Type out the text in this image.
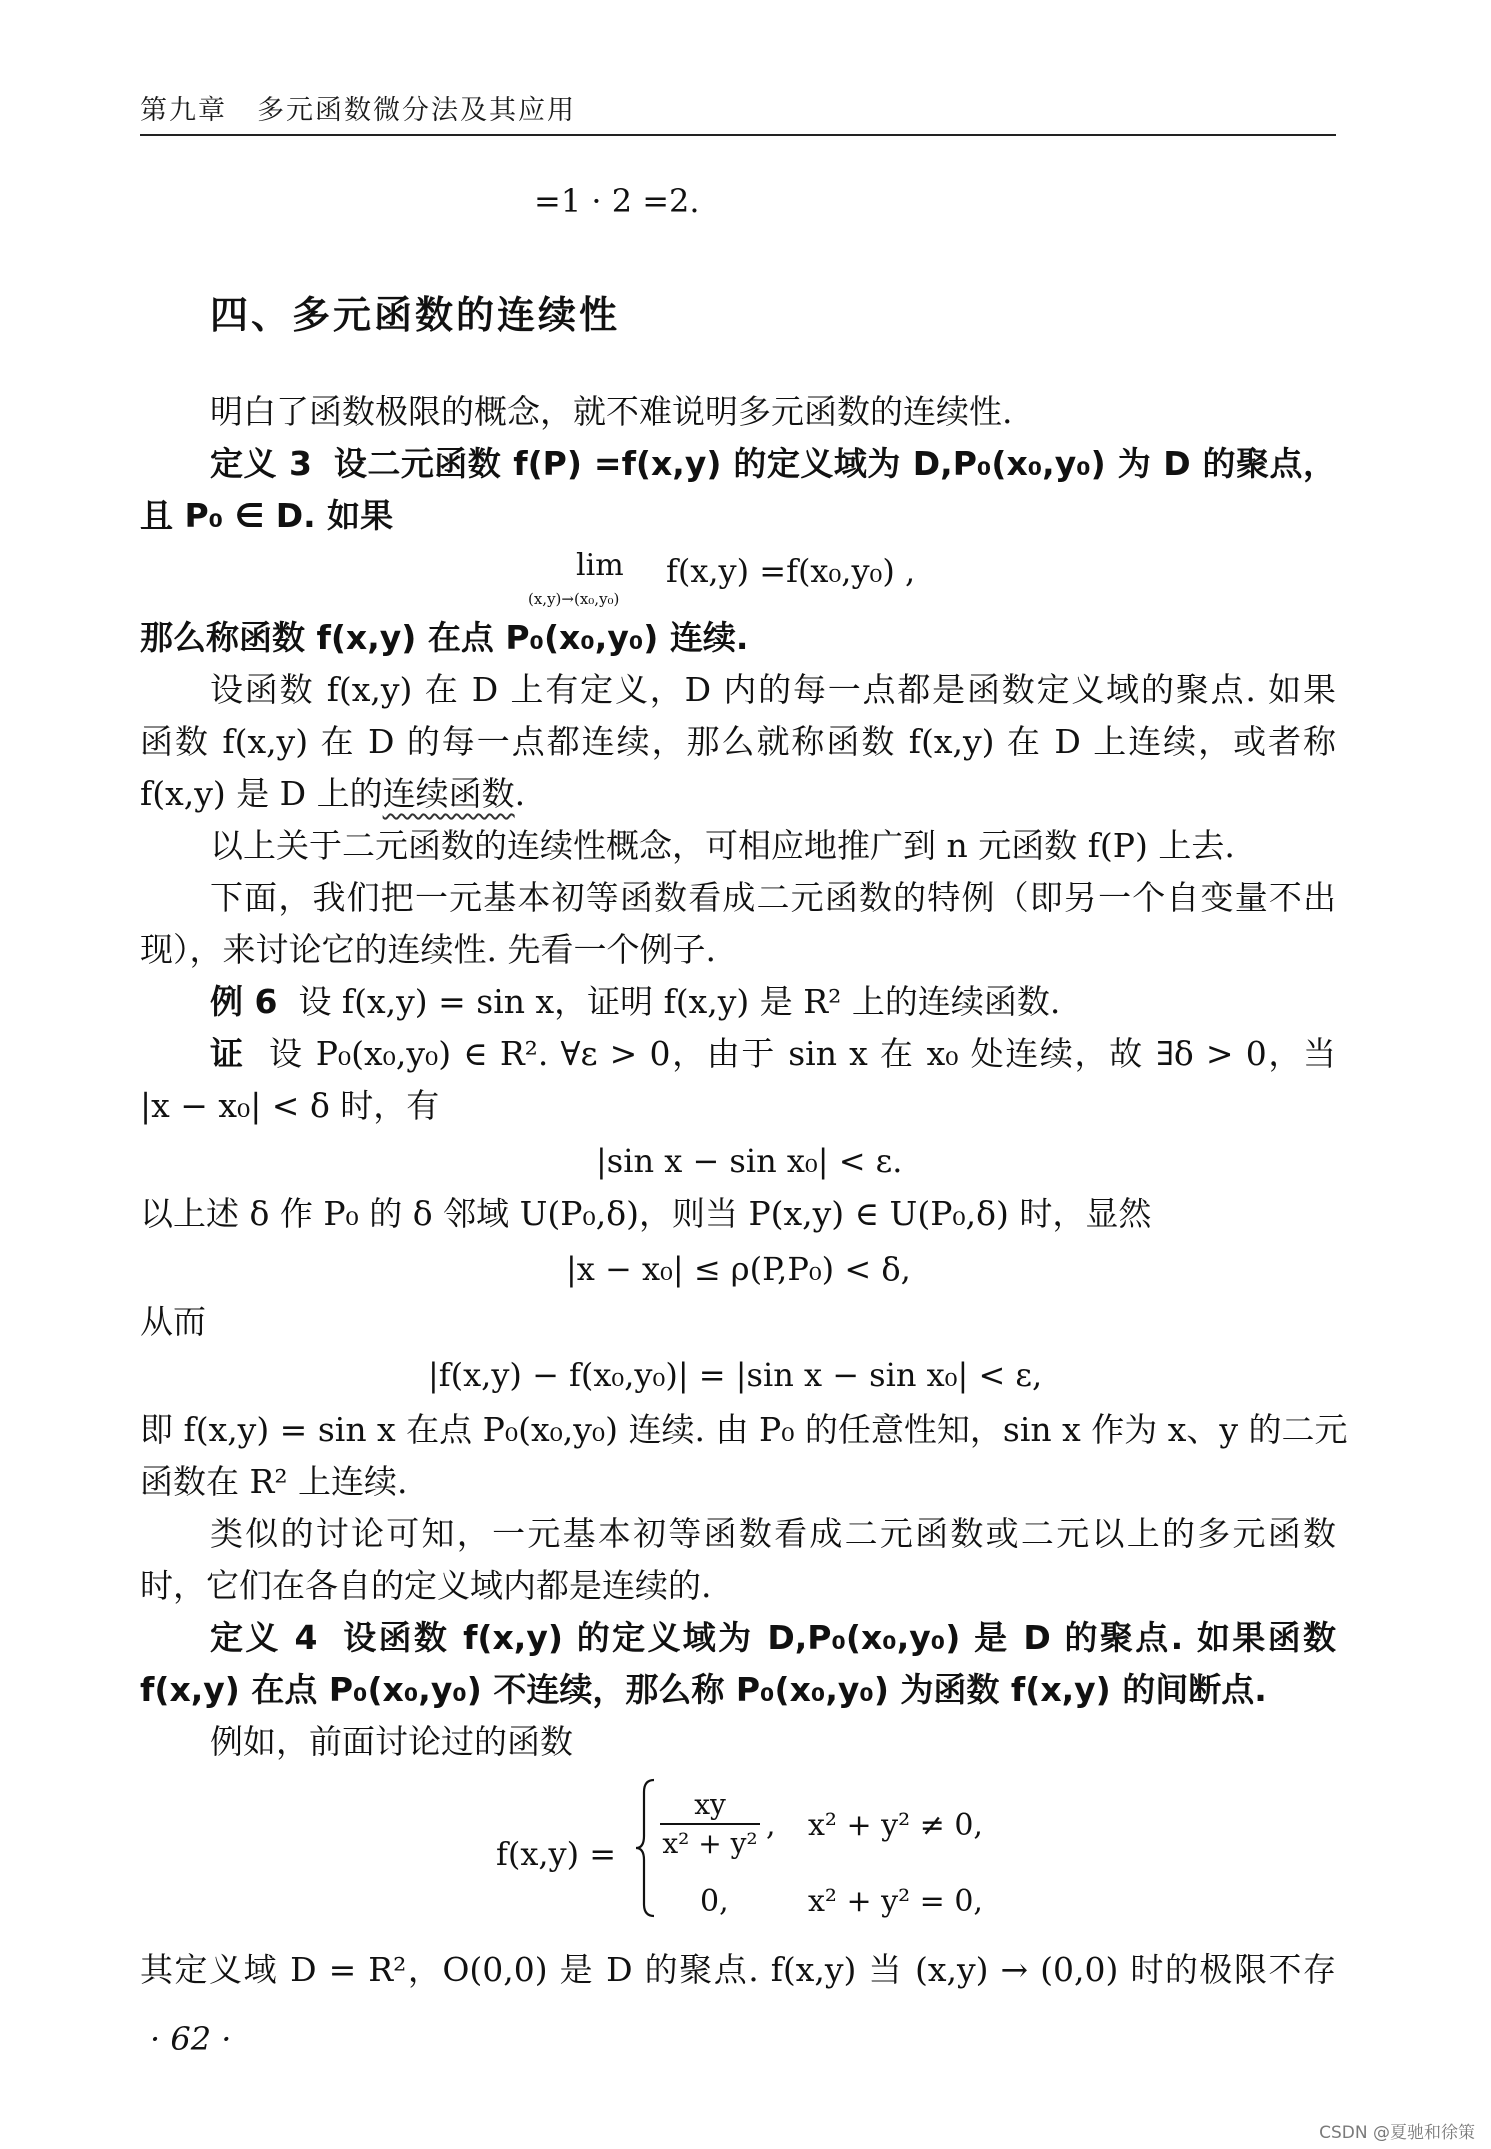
第九章 多元函数微分法及其应用
=1 · 2 =2.
四、多元函数的连续性
明白了函数极限的概念，就不难说明多元函数的连续性.
定义 3 设二元函数 f(P) =f(x,y) 的定义域为 D,P₀(x₀,y₀) 为 D 的聚点，
且 P₀ ∈ D. 如果
lim
(x,y)→(x₀,y₀)
f(x,y) =f(x₀,y₀) ,
那么称函数 f(x,y) 在点 P₀(x₀,y₀) 连续.
设函数 f(x,y) 在 D 上有定义，D 内的每一点都是函数定义域的聚点. 如果
函数 f(x,y) 在 D 的每一点都连续，那么就称函数 f(x,y) 在 D 上连续，或者称
f(x,y) 是 D 上的连续函数.
以上关于二元函数的连续性概念，可相应地推广到 n 元函数 f(P) 上去.
下面，我们把一元基本初等函数看成二元函数的特例（即另一个自变量不出
现），来讨论它的连续性. 先看一个例子.
例 6 设 f(x,y) = sin x，证明 f(x,y) 是 R² 上的连续函数.
证 设 P₀(x₀,y₀) ∈ R². ∀ε > 0，由于 sin x 在 x₀ 处连续，故 ∃δ > 0，当
|x − x₀| < δ 时，有
|sin x − sin x₀| < ε.
以上述 δ 作 P₀ 的 δ 邻域 U(P₀,δ)，则当 P(x,y) ∈ U(P₀,δ) 时，显然
|x − x₀| ≤ ρ(P,P₀) < δ,
从而
|f(x,y) − f(x₀,y₀)| = |sin x − sin x₀| < ε,
即 f(x,y) = sin x 在点 P₀(x₀,y₀) 连续. 由 P₀ 的任意性知，sin x 作为 x、y 的二元
函数在 R² 上连续.
类似的讨论可知，一元基本初等函数看成二元函数或二元以上的多元函数
时，它们在各自的定义域内都是连续的.
定义 4 设函数 f(x,y) 的定义域为 D,P₀(x₀,y₀) 是 D 的聚点. 如果函数
f(x,y) 在点 P₀(x₀,y₀) 不连续，那么称 P₀(x₀,y₀) 为函数 f(x,y) 的间断点.
例如，前面讨论过的函数
$f(x,y) = \frac{xy}{\text{x² + y²}}$ , x² + y² ≠ 0,
0,	x² + y² = 0,
其定义域 D = R²，O(0,0) 是 D 的聚点. f(x,y) 当 (x,y) → (0,0) 时的极限不存
· 62 ·
CSDN @夏驰和徐策
